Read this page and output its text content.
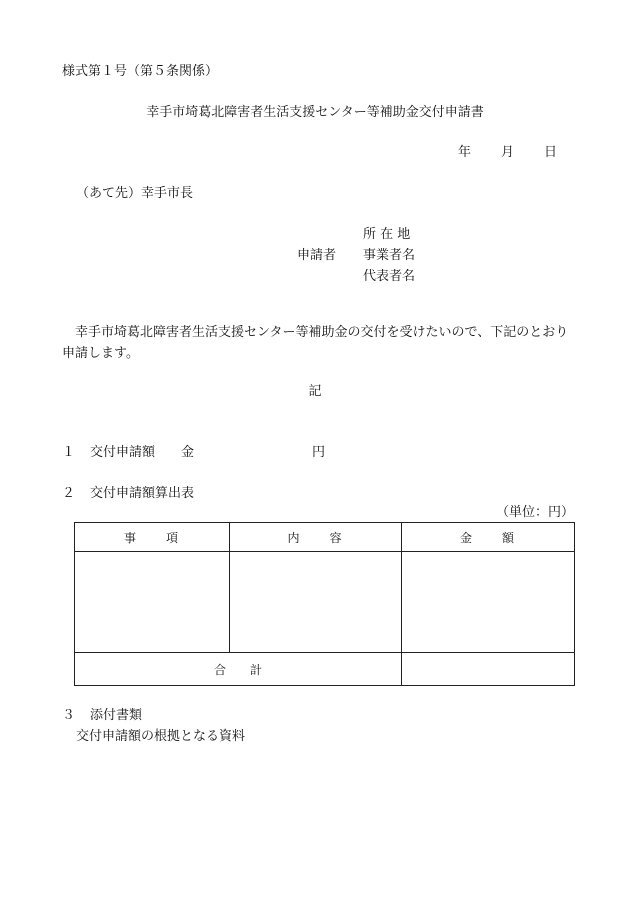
様式第１号（第５条関係）
幸手市埼葛北障害者生活支援センター等補助金交付申請書
年 月 日
（あて先）幸手市長
所 在 地
申請者 事業者名
代表者名
幸手市埼葛北障害者生活支援センター等補助金の交付を受けたいので、下記のとおり申請します。
記
１ 交付申請額 金	円
２ 交付申請額算出表
（単位：円）
事　　項	内　　容	金　　額

合　　計		
３ 添付書類
交付申請額の根拠となる資料
